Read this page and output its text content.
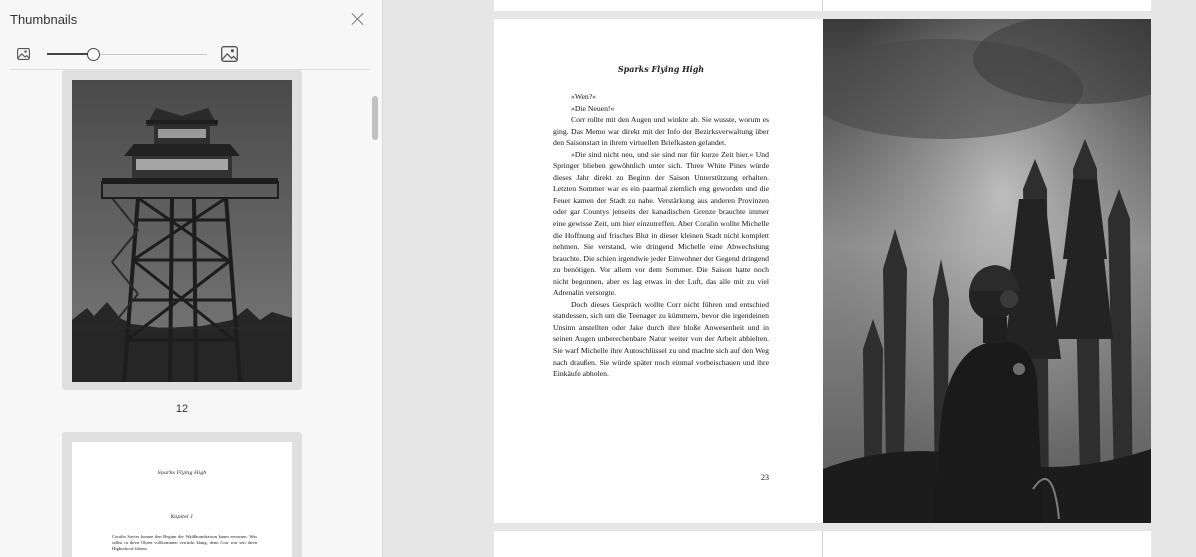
Thumbnails
12
Sparks Flying High
Kapitel 1
Coralin Savier konnte den Beginn der Waldbrandsaison kaum erwarten. Was selbst in ihren Ohren vollkommen verrückt klang, denn Corr war seit ihren Highschool-Jahren
Sparks Flying High

»Wen?«

»Die Neuen!«

Corr rollte mit den Augen und winkte ab. Sie wusste, worum es ging. Das Memo war direkt mit der Info der Bezirksverwaltung über den Saisonstart in ihrem virtuellen Briefkasten gelandet.

»Die sind nicht neu, und sie sind nur für kurze Zeit hier.« Und Springer blieben gewöhnlich unter sich. Three White Pines würde dieses Jahr direkt zu Beginn der Saison Unterstützung erhalten. Letzten Sommer war es ein paarmal ziemlich eng geworden und die Feuer kamen der Stadt zu nahe. Verstärkung aus anderen Provinzen oder gar Countys jenseits der kanadischen Grenze brauchte immer eine gewisse Zeit, um hier einzutreffen. Aber Coralin wollte Michelle die Hoffnung auf frisches Blut in dieser kleinen Stadt nicht komplett nehmen. Sie verstand, wie dringend Michelle eine Abwechslung brauchte. Die schien irgendwie jeder Einwohner der Gegend dringend zu benötigen. Vor allem vor dem Sommer. Die Saison hatte noch nicht begonnen, aber es lag etwas in der Luft, das alle mit zu viel Adrenalin versorgte.

Doch dieses Gespräch wollte Corr nicht führen und entschied stattdessen, sich um die Teenager zu kümmern, bevor die irgendeinen Unsinn anstellten oder Jake durch ihre bloße Anwesenheit und in seinen Augen unberechenbare Natur weiter von der Arbeit abhielten. Sie warf Michelle ihre Autoschlüssel zu und machte sich auf den Weg nach draußen. Sie würde später noch einmal vorbeischauen und ihre Einkäufe abholen.

23
